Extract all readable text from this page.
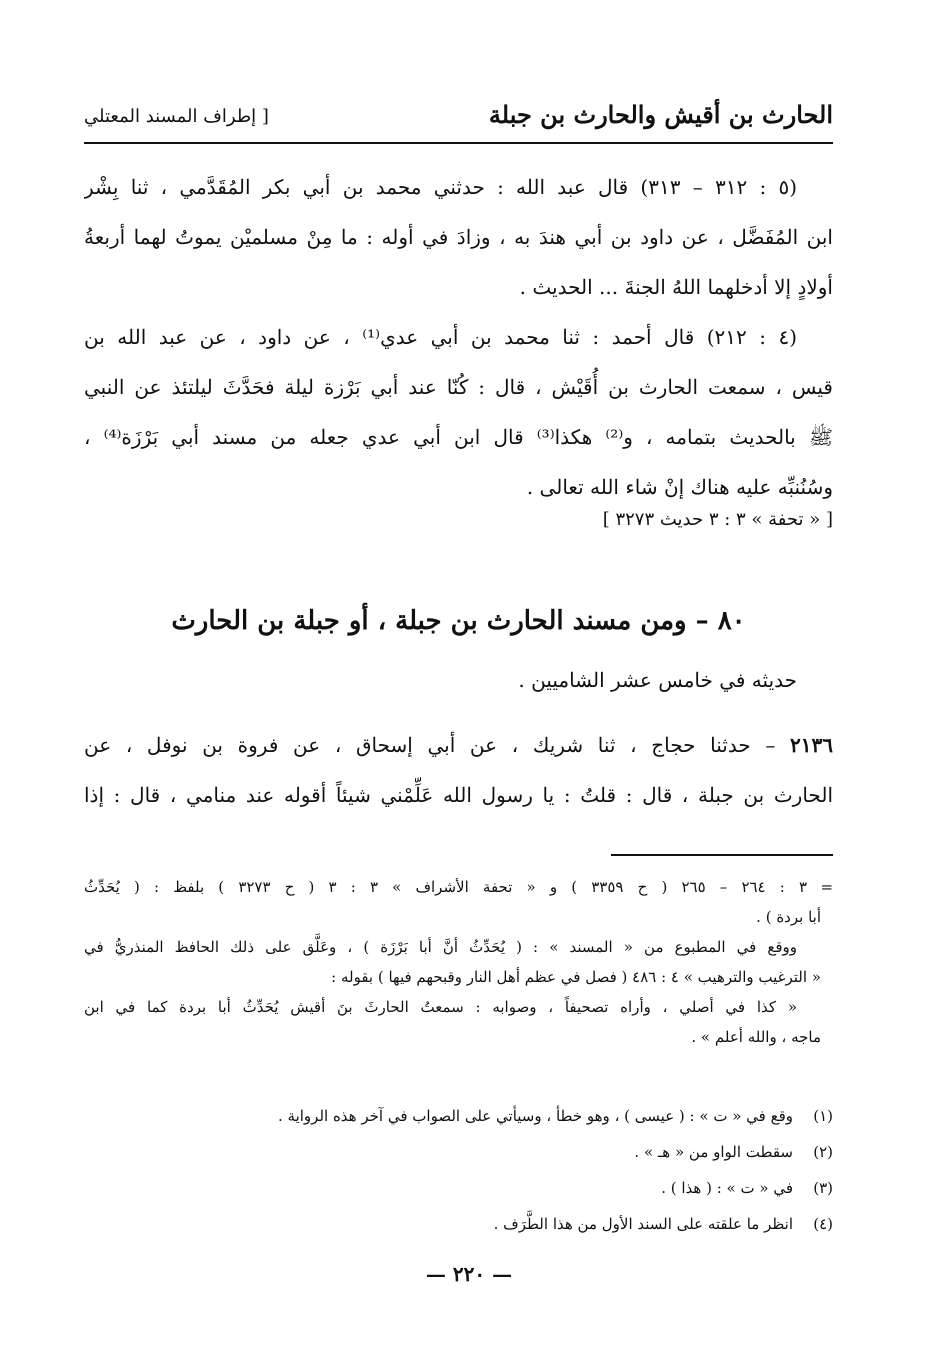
الحارث بن أقيش والحارث بن جبلة
[ إطراف المسند المعتلي
(٥ : ٣١٢ – ٣١٣) قال عبد الله : حدثني محمد بن أبي بكر المُقَدَّمي ، ثنا بِشْر
ابن المُفَضَّل ، عن داود بن أبي هندَ به ، وزادَ في أوله : ما مِنْ مسلميْن يموتُ لهما أربعةُ
أولادٍ إلا أدخلهما اللهُ الجنةَ ... الحديث .
(٤ : ٢١٢) قال أحمد : ثنا محمد بن أبي عدي⁽¹⁾ ، عن داود ، عن عبد الله بن
قيس ، سمعت الحارث بن أُقَيْش ، قال : كُنّا عند أبي بَرْزة ليلة فحَدَّثَ ليلتئذ عن النبي
ﷺ بالحديث بتمامه ، و⁽²⁾ هكذا⁽³⁾ قال ابن أبي عدي جعله من مسند أبي بَرْزَة⁽⁴⁾ ،
وسُنُنبِّه عليه هناك إنْ شاء الله تعالى .
[ « تحفة » ٣ : ٣ حديث ٣٢٧٣ ]
٨٠ – ومن مسند الحارث بن جبلة ، أو جبلة بن الحارث
حديثه في خامس عشر الشاميين .
٢١٣٦ – حدثنا حجاج ، ثنا شريك ، عن أبي إسحاق ، عن فروة بن نوفل ، عن
الحارث بن جبلة ، قال : قلتُ : يا رسول الله عَلِّمْني شيئاً أقوله عند منامي ، قال : إذا
=٣ : ٢٦٤ – ٢٦٥ ( ح ٣٣٥٩ ) و « تحفة الأشراف » ٣ : ٣ ( ح ٣٢٧٣ ) بلفظ : ( يُحَدِّثُ
أبا بردة ) .
ووقع في المطبوع من « المسند » : ( يُحَدِّثُ أنَّ أبا بَرْزَة ) ، وعَلَّق على ذلك الحافظ المنذريُّ في
« الترغيب والترهيب » ٤ : ٤٨٦ ( فصل في عظم أهل النار وقبحهم فيها ) بقوله :
« كذا في أصلي ، وأراه تصحيفاً ، وصوابه : سمعتُ الحارثَ بنَ أقيش يُحَدِّثُ أبا بردة كما في ابن
ماجه ، والله أعلم » .
(١)وقع في « ت » : ( عيسى ) ، وهو خطأ ، وسيأتي على الصواب في آخر هذه الرواية .
(٢)سقطت الواو من « هـ » .
(٣)في « ت » : ( هذا ) .
(٤)انظر ما علقته على السند الأول من هذا الطَّرَف .
— ٢٢٠ —
